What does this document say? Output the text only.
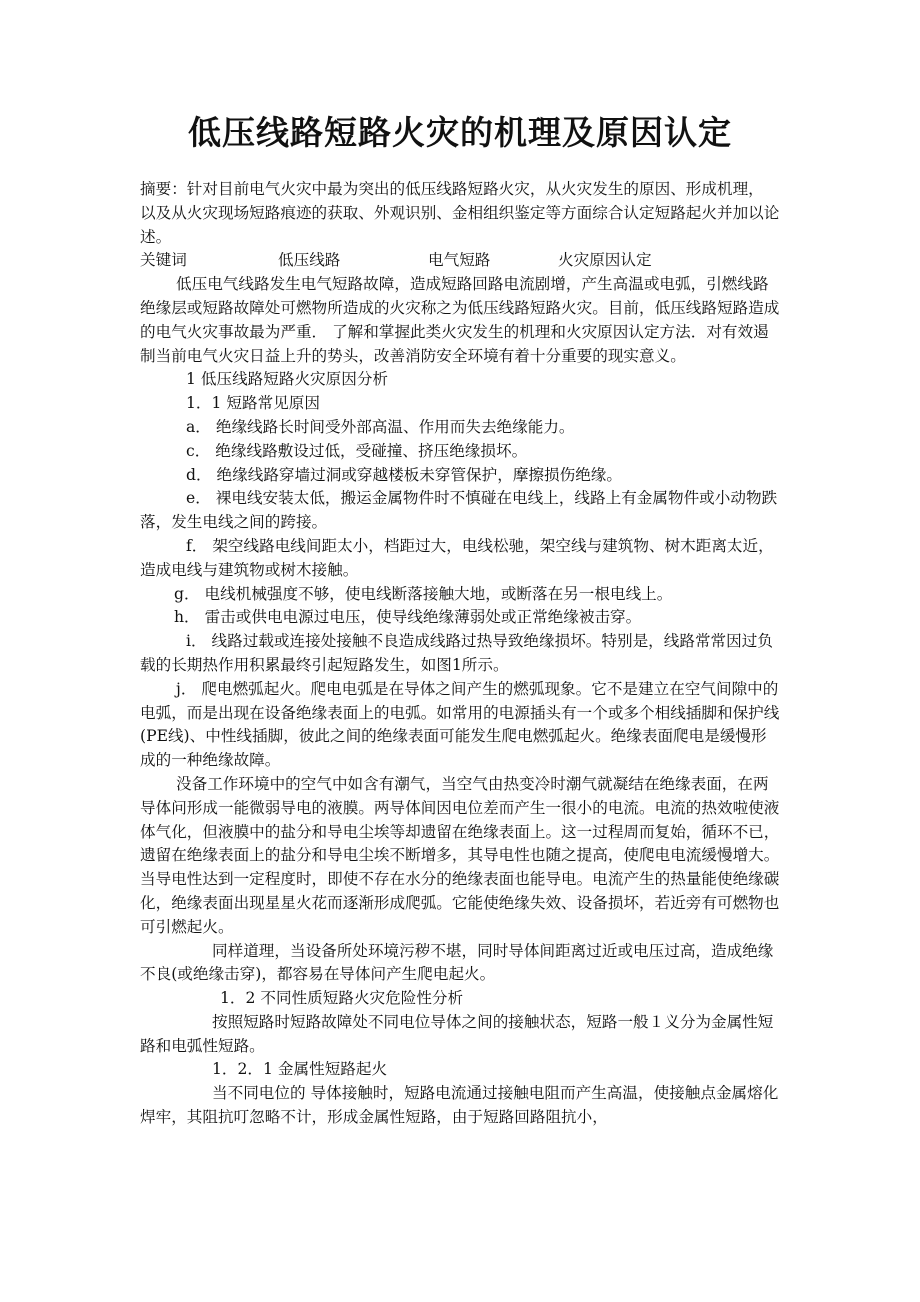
低压线路短路火灾的机理及原因认定

摘要：针对目前电气火灾中最为突出的低压线路短路火灾，从火灾发生的原因、形成机理， 以及从火灾现场短路痕迹的获取、外观识别、金相组织鉴定等方面综合认定短路起火并加以论述。

关键词	低压线路	电气短路	火灾原因认定

低压电气线路发生电气短路故障，造成短路回路电流剧增，产生高温或电弧，引燃线路绝缘层或短路故障处可燃物所造成的火灾称之为低压线路短路火灾。目前，低压线路短路造成的电气火灾事故最为严重． 了解和掌握此类火灾发生的机理和火灾原因认定方法．对有效遏制当前电气火灾日益上升的势头，改善消防安全环境有着十分重要的现实意义。

1 低压线路短路火灾原因分析

1．1 短路常见原因

a． 绝缘线路长时间受外部高温、作用而失去绝缘能力。

c． 绝缘线路敷设过低，受碰撞、挤压绝缘损坏。

d． 绝缘线路穿墙过洞或穿越楼板未穿管保护，摩擦损伤绝缘。

e． 裸电线安装太低，搬运金属物件时不慎碰在电线上，线路上有金属物件或小动物跌落，发生电线之间的跨接。

f． 架空线路电线间距太小，档距过大，电线松驰，架空线与建筑物、树木距离太近，造成电线与建筑物或树木接触。

g． 电线机械强度不够，使电线断落接触大地，或断落在另一根电线上。

h． 雷击或供电电源过电压，使导线绝缘薄弱处或正常绝缘被击穿。

i． 线路过载或连接处接触不良造成线路过热导致绝缘损坏。特别是，线路常常因过负载的长期热作用积累最终引起短路发生，如图1所示。

j． 爬电燃弧起火。爬电电弧是在导体之间产生的燃弧现象。它不是建立在空气间隙中的电弧，而是出现在设备绝缘表面上的电弧。如常用的电源插头有一个或多个相线插脚和保护线(PE线)、中性线插脚，彼此之间的绝缘表面可能发生爬电燃弧起火。绝缘表面爬电是缓慢形成的一种绝缘故障。

没备工作环境中的空气中如含有潮气，当空气由热变冷时潮气就凝结在绝缘表面，在两导体问形成一能微弱导电的液膜。两导体间因电位差而产生一很小的电流。电流的热效啦使液体气化，但液膜中的盐分和导电尘埃等却遗留在绝缘表面上。这一过程周而复始，循环不已，遗留在绝缘表面上的盐分和导电尘埃不断增多，其导电性也随之提高，使爬电电流缓慢增大。当导电性达到一定程度时，即使不存在水分的绝缘表面也能导电。电流产生的热量能使绝缘碳化，绝缘表面出现星星火花而逐渐形成爬弧。它能使绝缘失效、设备损坏，若近旁有可燃物也可引燃起火。

同样道理，当设备所处环境污秽不堪，同时导体间距离过近或电压过高，造成绝缘不良(或绝缘击穿)，都容易在导体问产生爬电起火。

1．2 不同性质短路火灾危险性分析

按照短路时短路故障处不同电位导体之间的接触状态，短路一般１义分为金属性短路和电弧性短路。

1．2．1 金属性短路起火

当不同电位的 导体接触时，短路电流通过接触电阻而产生高温，使接触点金属熔化焊牢，其阻抗叮忽略不计，形成金属性短路，由于短路回路阻抗小，
